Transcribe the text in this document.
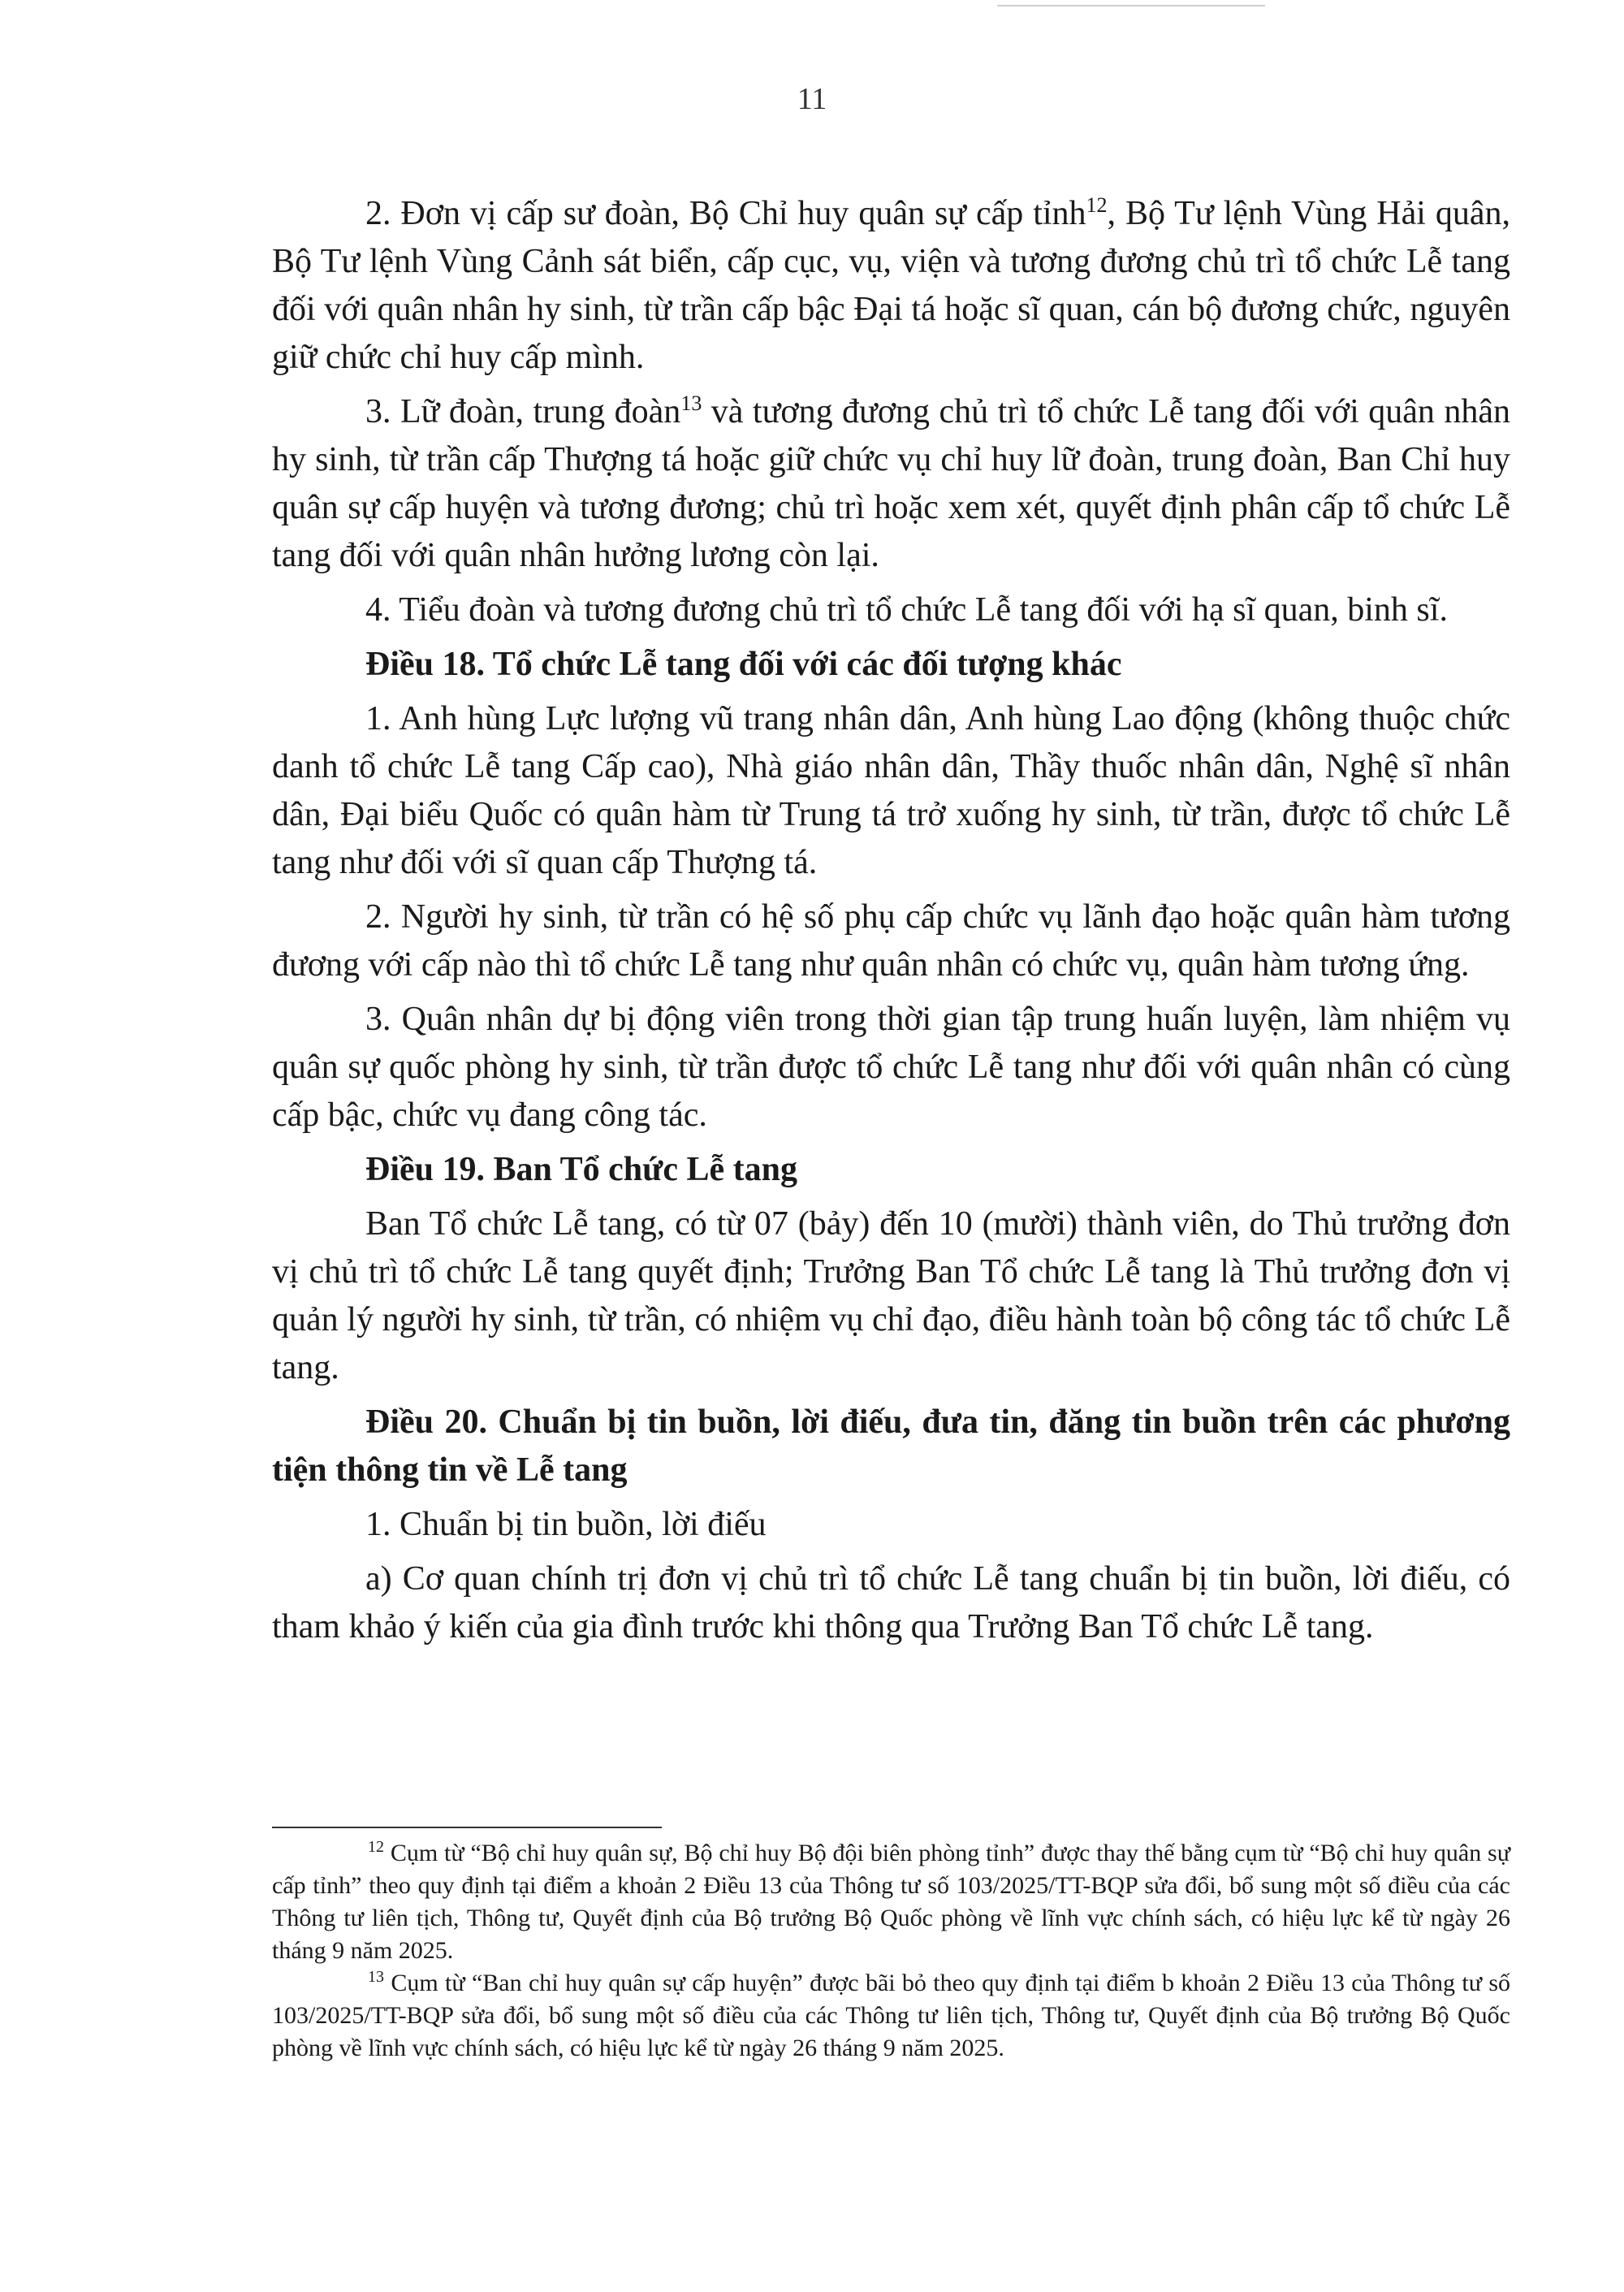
11

2. Đơn vị cấp sư đoàn, Bộ Chỉ huy quân sự cấp tỉnh$^{12}$, Bộ Tư lệnh Vùng Hải quân, Bộ Tư lệnh Vùng Cảnh sát biển, cấp cục, vụ, viện và tương đương chủ trì tổ chức Lễ tang đối với quân nhân hy sinh, từ trần cấp bậc Đại tá hoặc sĩ quan, cán bộ đương chức, nguyên giữ chức chỉ huy cấp mình.

3. Lữ đoàn, trung đoàn$^{13}$ và tương đương chủ trì tổ chức Lễ tang đối với quân nhân hy sinh, từ trần cấp Thượng tá hoặc giữ chức vụ chỉ huy lữ đoàn, trung đoàn, Ban Chỉ huy quân sự cấp huyện và tương đương; chủ trì hoặc xem xét, quyết định phân cấp tổ chức Lễ tang đối với quân nhân hưởng lương còn lại.

4. Tiểu đoàn và tương đương chủ trì tổ chức Lễ tang đối với hạ sĩ quan, binh sĩ.

Điều 18. Tổ chức Lễ tang đối với các đối tượng khác

1. Anh hùng Lực lượng vũ trang nhân dân, Anh hùng Lao động (không thuộc chức danh tổ chức Lễ tang Cấp cao), Nhà giáo nhân dân, Thầy thuốc nhân dân, Nghệ sĩ nhân dân, Đại biểu Quốc có quân hàm từ Trung tá trở xuống hy sinh, từ trần, được tổ chức Lễ tang như đối với sĩ quan cấp Thượng tá.

2. Người hy sinh, từ trần có hệ số phụ cấp chức vụ lãnh đạo hoặc quân hàm tương đương với cấp nào thì tổ chức Lễ tang như quân nhân có chức vụ, quân hàm tương ứng.

3. Quân nhân dự bị động viên trong thời gian tập trung huấn luyện, làm nhiệm vụ quân sự quốc phòng hy sinh, từ trần được tổ chức Lễ tang như đối với quân nhân có cùng cấp bậc, chức vụ đang công tác.

Điều 19. Ban Tổ chức Lễ tang

Ban Tổ chức Lễ tang, có từ 07 (bảy) đến 10 (mười) thành viên, do Thủ trưởng đơn vị chủ trì tổ chức Lễ tang quyết định; Trưởng Ban Tổ chức Lễ tang là Thủ trưởng đơn vị quản lý người hy sinh, từ trần, có nhiệm vụ chỉ đạo, điều hành toàn bộ công tác tổ chức Lễ tang.

Điều 20. Chuẩn bị tin buồn, lời điếu, đưa tin, đăng tin buồn trên các phương tiện thông tin về Lễ tang

1. Chuẩn bị tin buồn, lời điếu

a) Cơ quan chính trị đơn vị chủ trì tổ chức Lễ tang chuẩn bị tin buồn, lời điếu, có tham khảo ý kiến của gia đình trước khi thông qua Trưởng Ban Tổ chức Lễ tang.

$^{12}$ Cụm từ “Bộ chỉ huy quân sự, Bộ chỉ huy Bộ đội biên phòng tỉnh” được thay thế bằng cụm từ “Bộ chỉ huy quân sự cấp tỉnh” theo quy định tại điểm a khoản 2 Điều 13 của Thông tư số 103/2025/TT-BQP sửa đổi, bổ sung một số điều của các Thông tư liên tịch, Thông tư, Quyết định của Bộ trưởng Bộ Quốc phòng về lĩnh vực chính sách, có hiệu lực kể từ ngày 26 tháng 9 năm 2025.

$^{13}$ Cụm từ “Ban chỉ huy quân sự cấp huyện” được bãi bỏ theo quy định tại điểm b khoản 2 Điều 13 của Thông tư số 103/2025/TT-BQP sửa đổi, bổ sung một số điều của các Thông tư liên tịch, Thông tư, Quyết định của Bộ trưởng Bộ Quốc phòng về lĩnh vực chính sách, có hiệu lực kể từ ngày 26 tháng 9 năm 2025.
